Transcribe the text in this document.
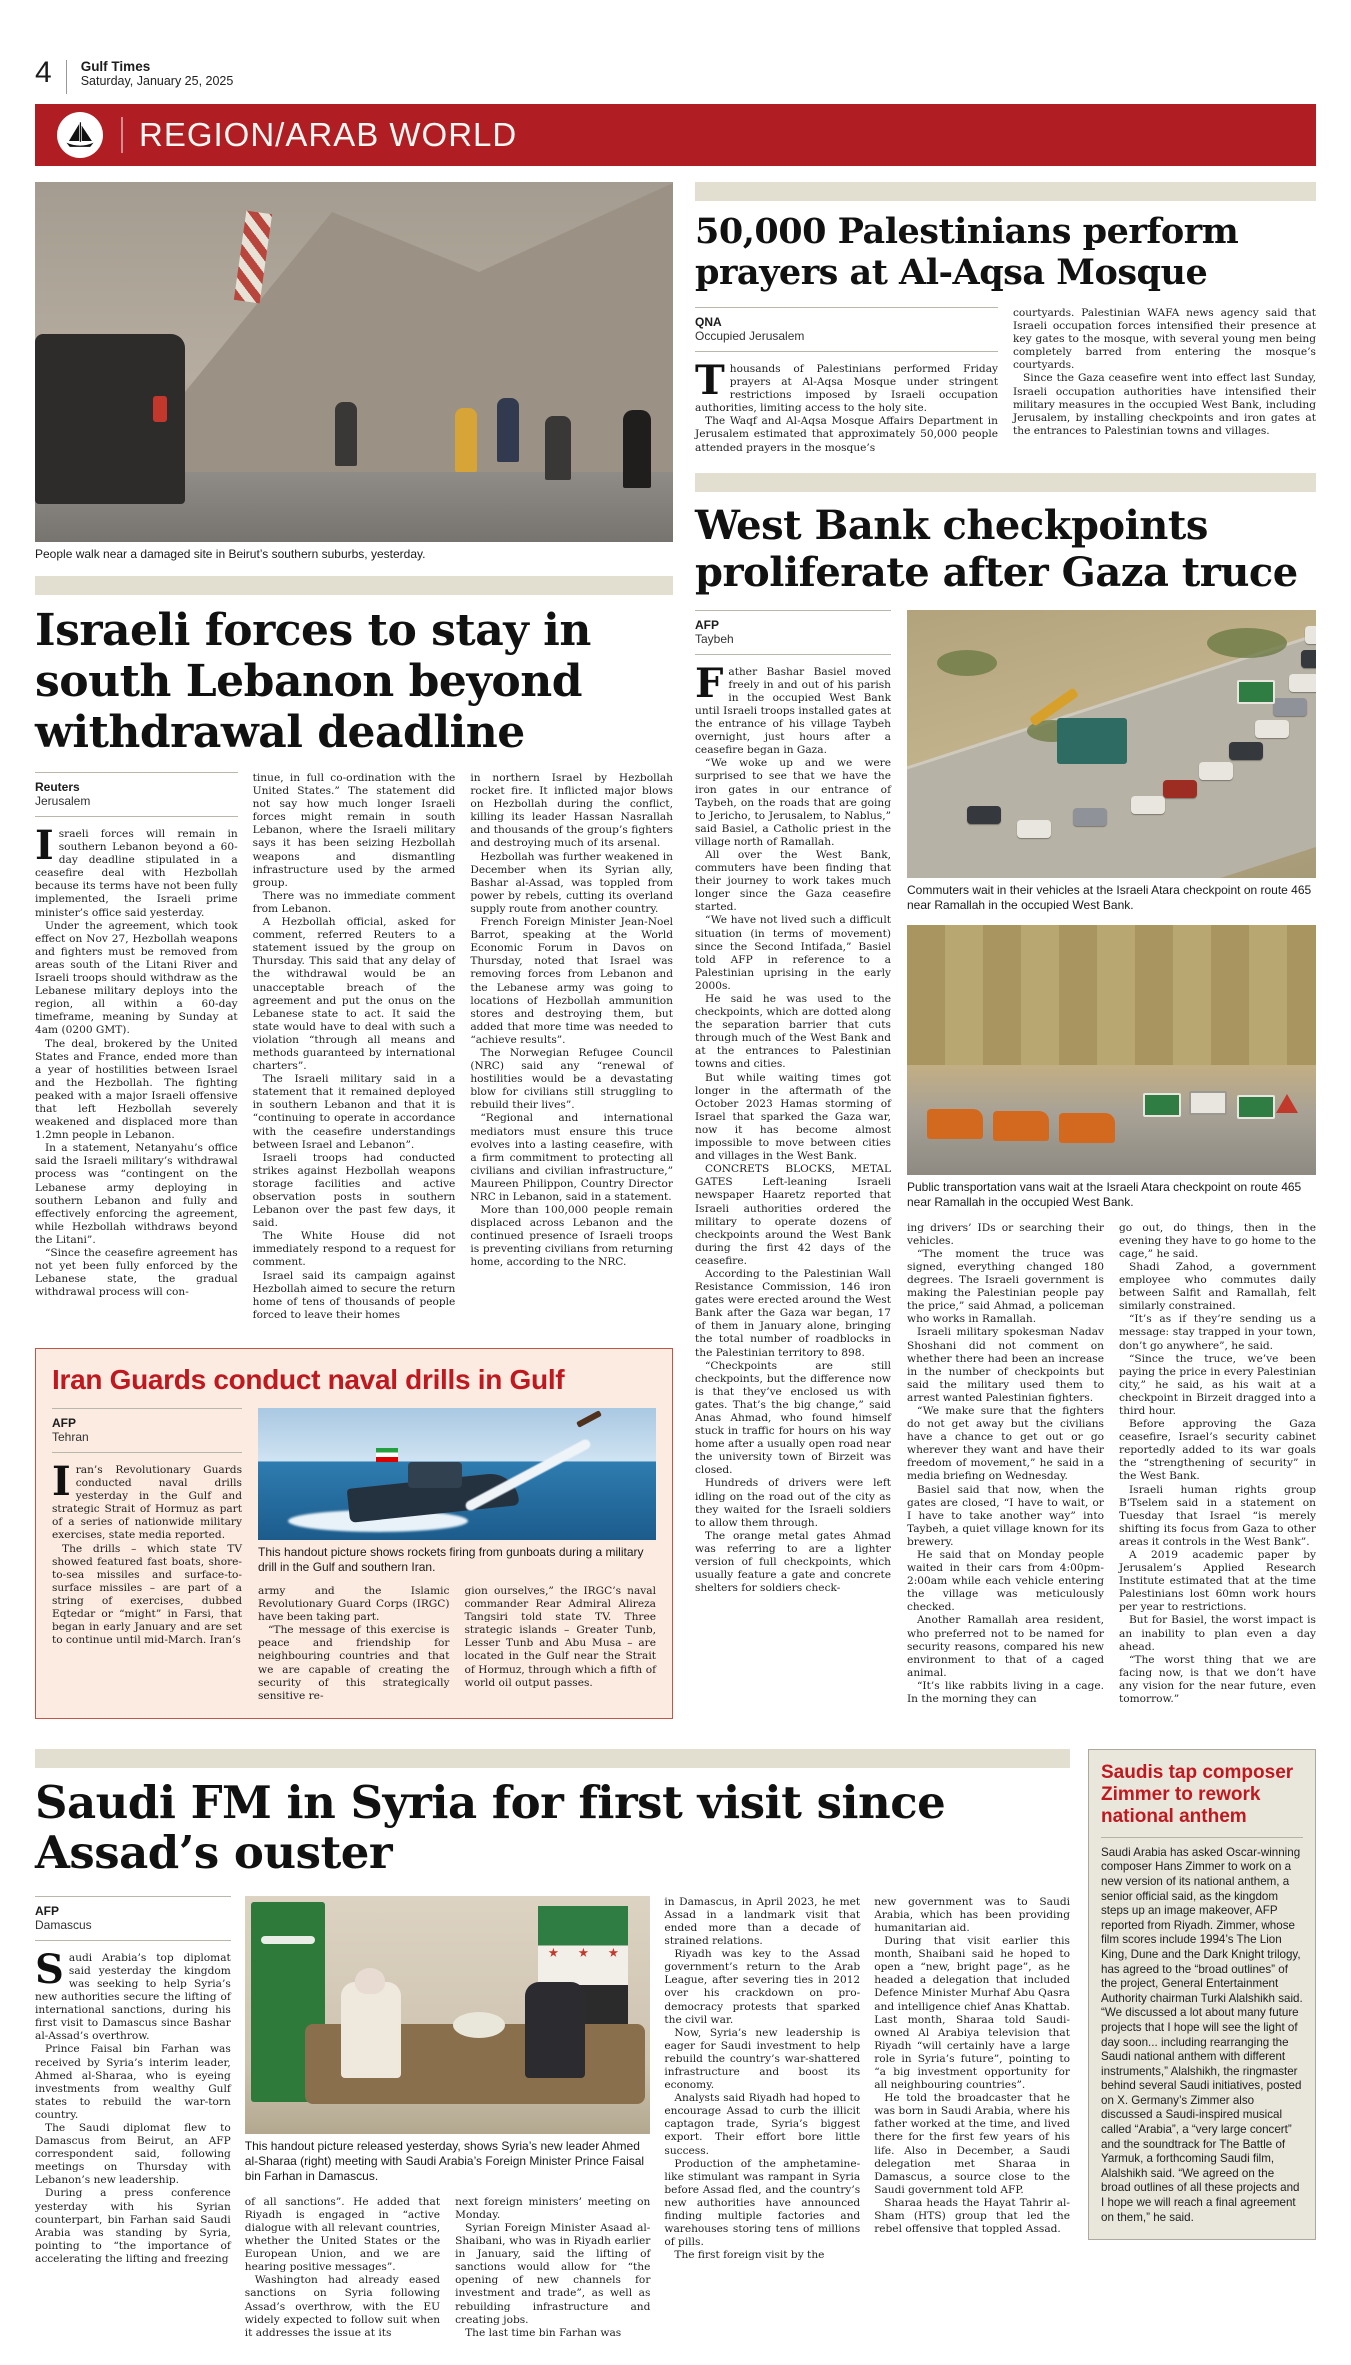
4 Gulf Times
Saturday, January 25, 2025
REGION/ARAB WORLD
People walk near a damaged site in Beirut’s southern suburbs, yesterday.
Israeli forces to stay in south Lebanon beyond withdrawal deadline
Reuters
Jerusalem

Israeli forces will remain in southern Lebanon beyond a 60-day deadline stipulated in a ceasefire deal with Hezbollah because its terms have not been fully implemented, the Israeli prime minister’s office said yesterday.

Under the agreement, which took effect on Nov 27, Hezbollah weapons and fighters must be removed from areas south of the Litani River and Israeli troops should withdraw as the Lebanese military deploys into the region, all within a 60-day timeframe, meaning by Sunday at 4am (0200 GMT).

The deal, brokered by the United States and France, ended more than a year of hostilities between Israel and the Hezbollah. The fighting peaked with a major Israeli offensive that left Hezbollah severely weakened and displaced more than 1.2mn people in Lebanon.

In a statement, Netanyahu’s office said the Israeli military’s withdrawal process was “contingent on the Lebanese army deploying in southern Lebanon and fully and effectively enforcing the agreement, while Hezbollah withdraws beyond the Litani”.

“Since the ceasefire agreement has not yet been fully enforced by the Lebanese state, the gradual withdrawal process will con-

tinue, in full co-ordination with the United States.” The statement did not say how much longer Israeli forces might remain in south Lebanon, where the Israeli military says it has been seizing Hezbollah weapons and dismantling infrastructure used by the armed group.

There was no immediate comment from Lebanon.

A Hezbollah official, asked for comment, referred Reuters to a statement issued by the group on Thursday. This said that any delay of the withdrawal would be an unacceptable breach of the agreement and put the onus on the Lebanese state to act. It said the state would have to deal with such a violation “through all means and methods guaranteed by international charters”.

The Israeli military said in a statement that it remained deployed in southern Lebanon and that it is “continuing to operate in accordance with the ceasefire understandings between Israel and Lebanon”.

Israeli troops had conducted strikes against Hezbollah weapons storage facilities and active observation posts in southern Lebanon over the past few days, it said.

The White House did not immediately respond to a request for comment.

Israel said its campaign against Hezbollah aimed to secure the return home of tens of thousands of people forced to leave their homes

in northern Israel by Hezbollah rocket fire. It inflicted major blows on Hezbollah during the conflict, killing its leader Hassan Nasrallah and thousands of the group’s fighters and destroying much of its arsenal.

Hezbollah was further weakened in December when its Syrian ally, Bashar al-Assad, was toppled from power by rebels, cutting its overland supply route from another country.

French Foreign Minister Jean-Noel Barrot, speaking at the World Economic Forum in Davos on Thursday, noted that Israel was removing forces from Lebanon and the Lebanese army was going to locations of Hezbollah ammunition stores and destroying them, but added that more time was needed to “achieve results”.

The Norwegian Refugee Council (NRC) said any “renewal of hostilities would be a devastating blow for civilians still struggling to rebuild their lives”.

“Regional and international mediators must ensure this truce evolves into a lasting ceasefire, with a firm commitment to protecting all civilians and civilian infrastructure,” Maureen Philippon, Country Director NRC in Lebanon, said in a statement.

More than 100,000 people remain displaced across Lebanon and the continued presence of Israeli troops is preventing civilians from returning home, according to the NRC.

Iran Guards conduct naval drills in Gulf
AFP
Tehran

Iran’s Revolutionary Guards conducted naval drills yesterday in the Gulf and strategic Strait of Hormuz as part of a series of nationwide military exercises, state media reported.

The drills – which state TV showed featured fast boats, shore-to-sea missiles and surface-to-surface missiles – are part of a string of exercises, dubbed Eqtedar or “might” in Farsi, that began in early January and are set to continue until mid-March. Iran’s

This handout picture shows rockets firing from gunboats during a military drill in the Gulf and southern Iran.

army and the Islamic Revolutionary Guard Corps (IRGC) have been taking part.

“The message of this exercise is peace and friendship for neighbouring countries and that we are capable of creating the security of this strategically sensitive re-

gion ourselves,” the IRGC’s naval commander Rear Admiral Alireza Tangsiri told state TV. Three strategic islands – Greater Tunb, Lesser Tunb and Abu Musa – are located in the Gulf near the Strait of Hormuz, through which a fifth of world oil output passes.

50,000 Palestinians perform prayers at Al-Aqsa Mosque
QNA
Occupied Jerusalem

Thousands of Palestinians performed Friday prayers at Al-Aqsa Mosque under stringent restrictions imposed by Israeli occupation authorities, limiting access to the holy site.

The Waqf and Al-Aqsa Mosque Affairs Department in Jerusalem estimated that approximately 50,000 people attended prayers in the mosque’s

courtyards. Palestinian WAFA news agency said that Israeli occupation forces intensified their presence at key gates to the mosque, with several young men being completely barred from entering the mosque’s courtyards.

Since the Gaza ceasefire went into effect last Sunday, Israeli occupation authorities have intensified their military measures in the occupied West Bank, including Jerusalem, by installing checkpoints and iron gates at the entrances to Palestinian towns and villages.

West Bank checkpoints proliferate after Gaza truce
AFP
Taybeh

Father Bashar Basiel moved freely in and out of his parish in the occupied West Bank until Israeli troops installed gates at the entrance of his village Taybeh overnight, just hours after a ceasefire began in Gaza.

“We woke up and we were surprised to see that we have the iron gates in our entrance of Taybeh, on the roads that are going to Jericho, to Jerusalem, to Nablus,” said Basiel, a Catholic priest in the village north of Ramallah.

All over the West Bank, commuters have been finding that their journey to work takes much longer since the Gaza ceasefire started.

“We have not lived such a difficult situation (in terms of movement) since the Second Intifada,” Basiel told AFP in reference to a Palestinian uprising in the early 2000s.

He said he was used to the checkpoints, which are dotted along the separation barrier that cuts through much of the West Bank and at the entrances to Palestinian towns and cities.

But while waiting times got longer in the aftermath of the October 2023 Hamas storming of Israel that sparked the Gaza war, now it has become almost impossible to move between cities and villages in the West Bank.

CONCRETS BLOCKS, METAL GATES Left-leaning Israeli newspaper Haaretz reported that Israeli authorities ordered the military to operate dozens of checkpoints around the West Bank during the first 42 days of the ceasefire.

According to the Palestinian Wall Resistance Commission, 146 iron gates were erected around the West Bank after the Gaza war began, 17 of them in January alone, bringing the total number of roadblocks in the Palestinian territory to 898.

“Checkpoints are still checkpoints, but the difference now is that they’ve enclosed us with gates. That’s the big change,” said Anas Ahmad, who found himself stuck in traffic for hours on his way home after a usually open road near the university town of Birzeit was closed.

Hundreds of drivers were left idling on the road out of the city as they waited for the Israeli soldiers to allow them through.

The orange metal gates Ahmad was referring to are a lighter version of full checkpoints, which usually feature a gate and concrete shelters for soldiers check-

Commuters wait in their vehicles at the Israeli Atara checkpoint on route 465 near Ramallah in the occupied West Bank.
Public transportation vans wait at the Israeli Atara checkpoint on route 465 near Ramallah in the occupied West Bank.

ing drivers’ IDs or searching their vehicles.

“The moment the truce was signed, everything changed 180 degrees. The Israeli government is making the Palestinian people pay the price,” said Ahmad, a policeman who works in Ramallah.

Israeli military spokesman Nadav Shoshani did not comment on whether there had been an increase in the number of checkpoints but said the military used them to arrest wanted Palestinian fighters.

“We make sure that the fighters do not get away but the civilians have a chance to get out or go wherever they want and have their freedom of movement,” he said in a media briefing on Wednesday.

Basiel said that now, when the gates are closed, “I have to wait, or I have to take another way” into Taybeh, a quiet village known for its brewery.

He said that on Monday people waited in their cars from 4:00pm-2:00am while each vehicle entering the village was meticulously checked.

Another Ramallah area resident, who preferred not to be named for security reasons, compared his new environment to that of a caged animal.

“It’s like rabbits living in a cage. In the morning they can

go out, do things, then in the evening they have to go home to the cage,” he said.

Shadi Zahod, a government employee who commutes daily between Salfit and Ramallah, felt similarly constrained.

“It’s as if they’re sending us a message: stay trapped in your town, don’t go anywhere”, he said.

“Since the truce, we’ve been paying the price in every Palestinian city,” he said, as his wait at a checkpoint in Birzeit dragged into a third hour.

Before approving the Gaza ceasefire, Israel’s security cabinet reportedly added to its war goals the “strengthening of security” in the West Bank.

Israeli human rights group B’Tselem said in a statement on Tuesday that Israel “is merely shifting its focus from Gaza to other areas it controls in the West Bank”.

A 2019 academic paper by Jerusalem’s Applied Research Institute estimated that at the time Palestinians lost 60mn work hours per year to restrictions.

But for Basiel, the worst impact is an inability to plan even a day ahead.

“The worst thing that we are facing now, is that we don’t have any vision for the near future, even tomorrow.”

Saudi FM in Syria for first visit since Assad’s ouster
AFP
Damascus

Saudi Arabia’s top diplomat said yesterday the kingdom was seeking to help Syria’s new authorities secure the lifting of international sanctions, during his first visit to Damascus since Bashar al-Assad’s overthrow.

Prince Faisal bin Farhan was received by Syria’s interim leader, Ahmed al-Sharaa, who is eyeing investments from wealthy Gulf states to rebuild the war-torn country.

The Saudi diplomat flew to Damascus from Beirut, an AFP correspondent said, following meetings on Thursday with Lebanon’s new leadership.

During a press conference yesterday with his Syrian counterpart, bin Farhan said Saudi Arabia was standing by Syria, pointing to “the importance of accelerating the lifting and freezing

This handout picture released yesterday, shows Syria’s new leader Ahmed al-Sharaa (right) meeting with Saudi Arabia’s Foreign Minister Prince Faisal bin Farhan in Damascus.

of all sanctions”. He added that Riyadh is engaged in “active dialogue with all relevant countries, whether the United States or the European Union, and we are hearing positive messages”.

Washington had already eased sanctions on Syria following Assad’s overthrow, with the EU widely expected to follow suit when it addresses the issue at its

next foreign ministers’ meeting on Monday.

Syrian Foreign Minister Asaad al-Shaibani, who was in Riyadh earlier in January, said the lifting of sanctions would allow for “the opening of new channels for investment and trade”, as well as rebuilding infrastructure and creating jobs.

The last time bin Farhan was

in Damascus, in April 2023, he met Assad in a landmark visit that ended more than a decade of strained relations.

Riyadh was key to the Assad government’s return to the Arab League, after severing ties in 2012 over his crackdown on pro-democracy protests that sparked the civil war.

Now, Syria’s new leadership is eager for Saudi investment to help rebuild the country’s war-shattered infrastructure and boost its economy.

Analysts said Riyadh had hoped to encourage Assad to curb the illicit captagon trade, Syria’s biggest export. Their effort bore little success.

Production of the amphetamine-like stimulant was rampant in Syria before Assad fled, and the country’s new authorities have announced finding multiple factories and warehouses storing tens of millions of pills.

The first foreign visit by the

new government was to Saudi Arabia, which has been providing humanitarian aid.

During that visit earlier this month, Shaibani said he hoped to open a “new, bright page”, as he headed a delegation that included Defence Minister Murhaf Abu Qasra and intelligence chief Anas Khattab. Last month, Sharaa told Saudi-owned Al Arabiya television that Riyadh “will certainly have a large role in Syria’s future”, pointing to “a big investment opportunity for all neighbouring countries”.

He told the broadcaster that he was born in Saudi Arabia, where his father worked at the time, and lived there for the first few years of his life. Also in December, a Saudi delegation met Sharaa in Damascus, a source close to the Saudi government told AFP.

Sharaa heads the Hayat Tahrir al-Sham (HTS) group that led the rebel offensive that toppled Assad.

Saudis tap composer Zimmer to rework national anthem

Saudi Arabia has asked Oscar-winning composer Hans Zimmer to work on a new version of its national anthem, a senior official said, as the kingdom steps up an image makeover, AFP reported from Riyadh. Zimmer, whose film scores include 1994’s The Lion King, Dune and the Dark Knight trilogy, has agreed to the “broad outlines” of the project, General Entertainment Authority chairman Turki Alalshikh said. “We discussed a lot about many future projects that I hope will see the light of day soon... including rearranging the Saudi national anthem with different instruments,” Alalshikh, the ringmaster behind several Saudi initiatives, posted on X. Germany’s Zimmer also discussed a Saudi-inspired musical called “Arabia”, a “very large concert” and the soundtrack for The Battle of Yarmuk, a forthcoming Saudi film, Alalshikh said. “We agreed on the broad outlines of all these projects and I hope we will reach a final agreement on them,” he said.
